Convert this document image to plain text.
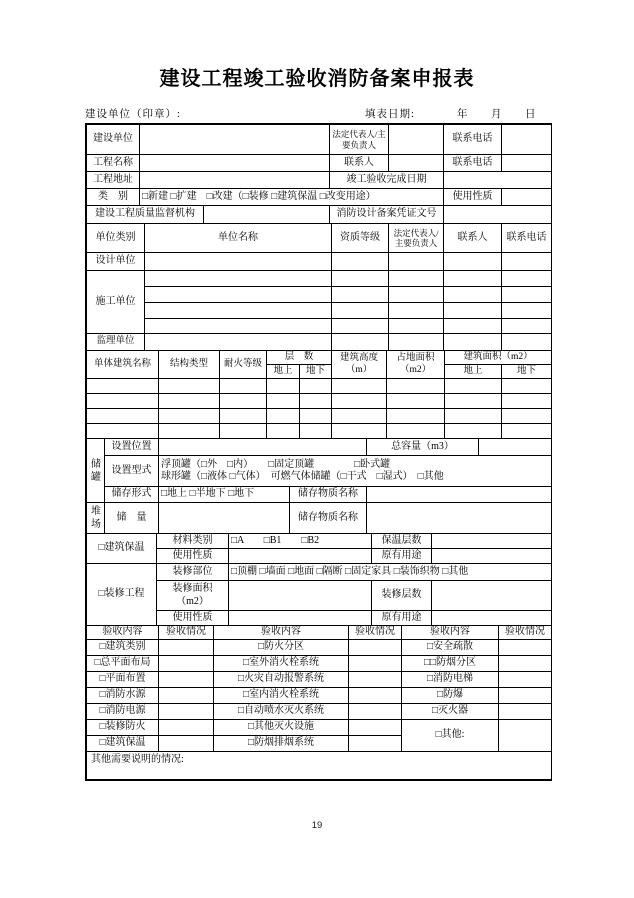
建设工程竣工验收消防备案申报表
建设单位（印章）:	填表日期:	年 月 日
建设单位			法定代表人/主要负责人		联系电话	
工程名称			联系人		联系电话	
工程地址			竣工验收完成日期			
类　别	□新建 □扩建　□改建（□装修 □建筑保温 □改变用途）				使用性质	
建设工程质量监督机构			消防设计备案凭证文号			
单位类别	单位名称	资质等级	法定代表人/主要负责人	联系人	联系电话
设计单位					
施工单位					

监理单位					
单体建筑名称	结构类型	耐火等级	层　数		建筑高度（m）	占地面积（m2）	建筑面积（m2）	
			地上	地下			地上	地下

储罐	设置位置			总容量（m3）	
	设置型式	浮顶罐（□外　□内）　　□固定顶罐　　　　□卧式罐
球形罐（□液体 □气体）　可燃气体储罐（□干式　□湿式）　□其他			

	储存形式	□地上 □半地下 □地下	储存物质名称		
堆场	储　量		储存物质名称		
□建筑保温	材料类别	□A　　□B1　　□B2	保温层数	
	使用性质		原有用途	
□装修工程	装修部位	□顶棚 □墙面 □地面 □隔断 □固定家具 □装饰织物 □其他		
	装修面积（m2）		装修层数	
	使用性质		原有用途	
验收内容	验收情况	验收内容	验收情况	验收内容	验收情况
□建筑类别		□防火分区		□安全疏散	
□总平面布局		□室外消火栓系统		□□防烟分区	
□平面布置		□火灾自动报警系统		□消防电梯	
□消防水源		□室内消火栓系统		□防爆	
□消防电源		□自动喷水灭火系统		□灭火器	
□装修防火		□其他灭火设施		□其他:	
□建筑保温		□防烟排烟系统			
其他需要说明的情况:
19
